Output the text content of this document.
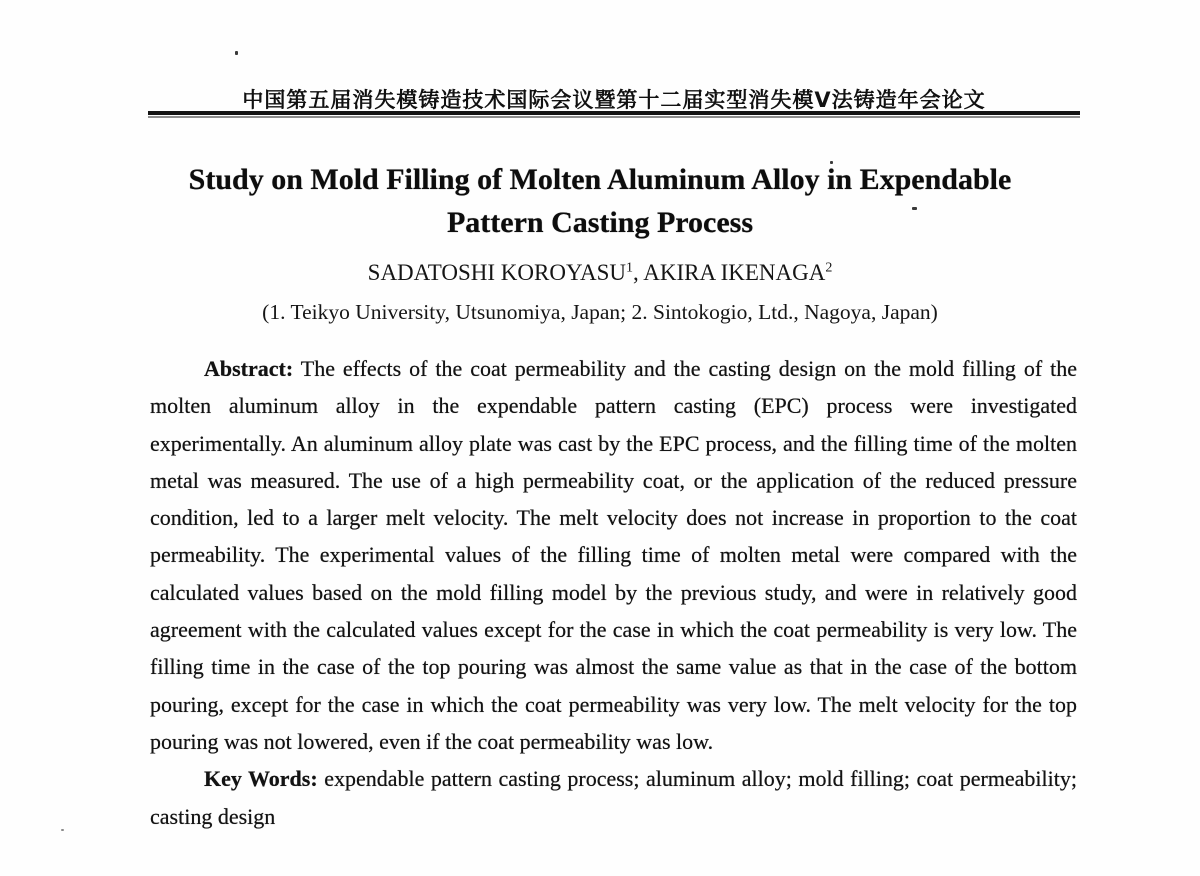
中国第五届消失模铸造技术国际会议暨第十二届实型消失模V法铸造年会论文
Study on Mold Filling of Molten Aluminum Alloy in Expendable
Pattern Casting Process
SADATOSHI KOROYASU$^1$, AKIRA IKENAGA$^2$
(1. Teikyo University, Utsunomiya, Japan; 2. Sintokogio, Ltd., Nagoya, Japan)

Abstract: The effects of the coat permeability and the casting design on the mold filling of the molten aluminum alloy in the expendable pattern casting (EPC) process were investigated experimentally. An aluminum alloy plate was cast by the EPC process, and the filling time of the molten metal was measured. The use of a high permeability coat, or the application of the reduced pressure condition, led to a larger melt velocity. The melt velocity does not increase in proportion to the coat permeability. The experimental values of the filling time of molten metal were compared with the calculated values based on the mold filling model by the previous study, and were in relatively good agreement with the calculated values except for the case in which the coat permeability is very low. The filling time in the case of the top pouring was almost the same value as that in the case of the bottom pouring, except for the case in which the coat permeability was very low. The melt velocity for the top pouring was not lowered, even if the coat permeability was low.

Key Words: expendable pattern casting process; aluminum alloy; mold filling; coat permeability; casting design
